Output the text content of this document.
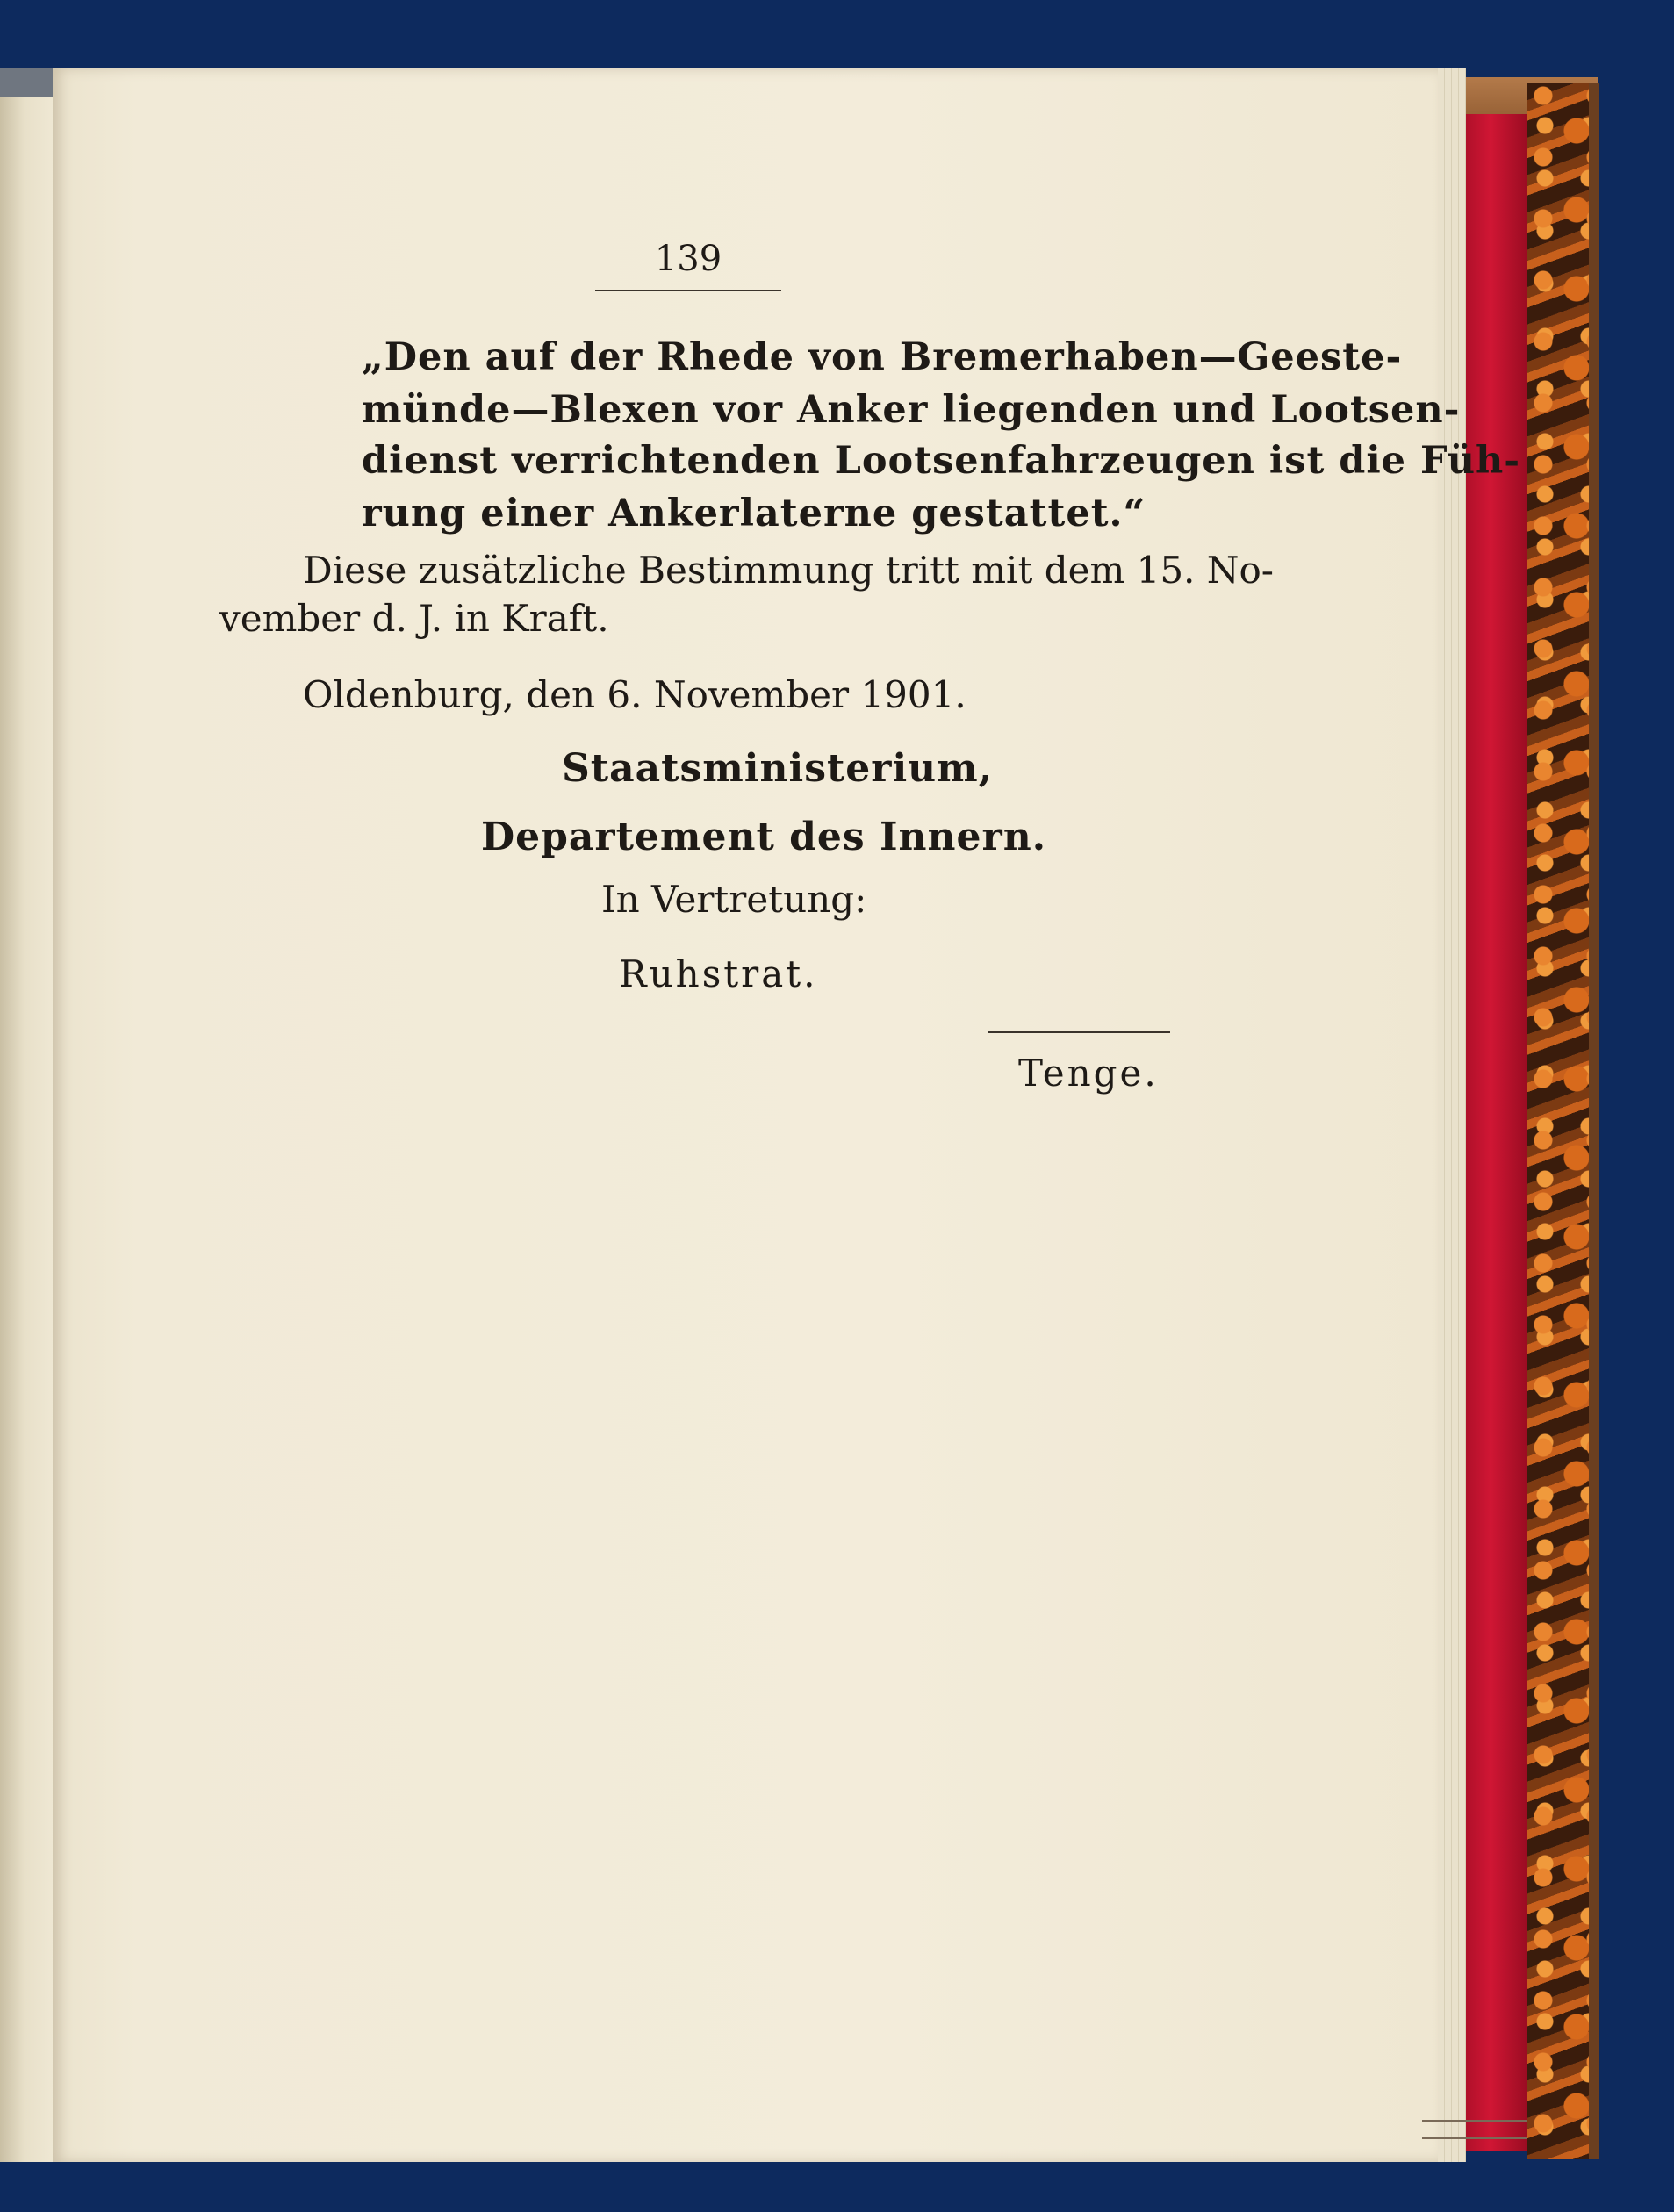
139
„Den auf der Rhede von Bremerhaben—Geeste-
münde—Blexen vor Anker liegenden und Lootsen-
dienst verrichtenden Lootsenfahrzeugen ist die Füh-
rung einer Ankerlaterne gestattet.“
Diese zusätzliche Bestimmung tritt mit dem 15. No-
vember d. J. in Kraft.
Oldenburg, den 6. November 1901.
Staatsministerium,
Departement des Innern.
In Vertretung:
Ruhstrat.
Tenge.
